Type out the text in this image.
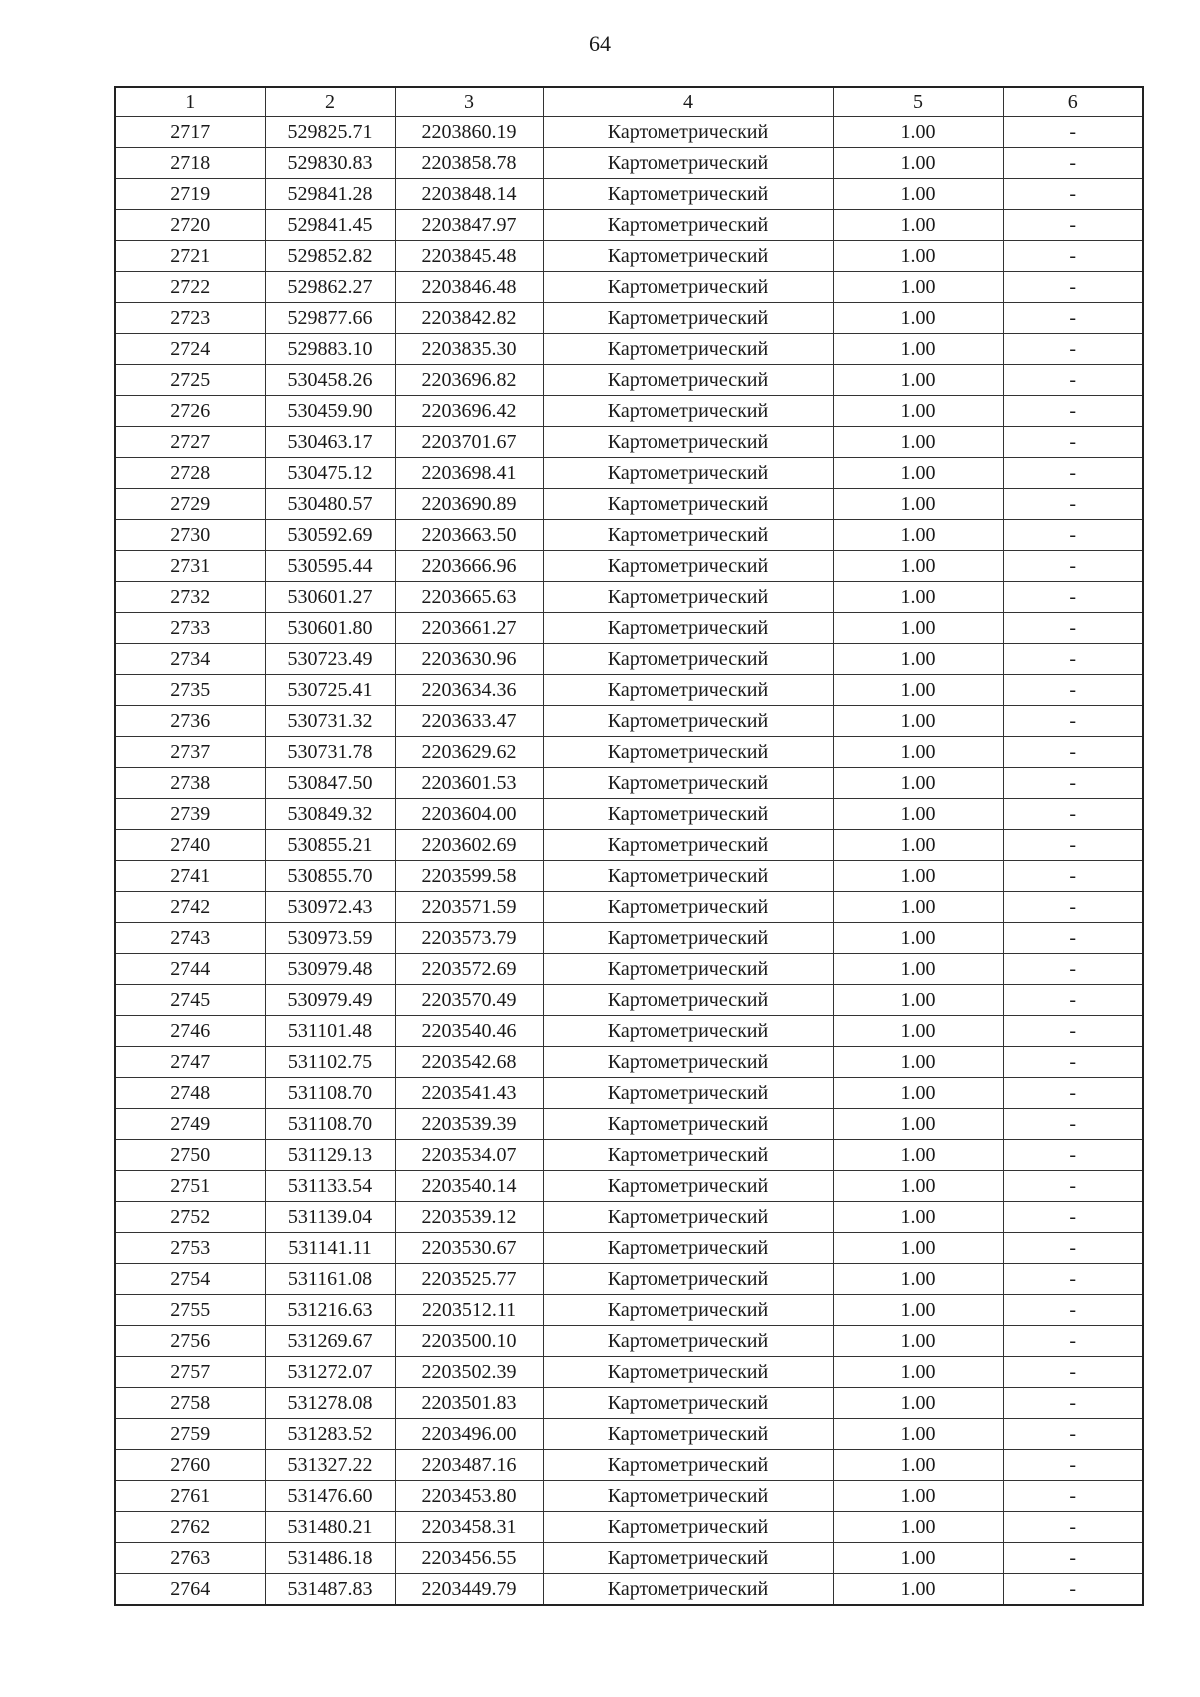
64
1	2	3	4	5	6
2717	529825.71	2203860.19	Картометрический	1.00	-
2718	529830.83	2203858.78	Картометрический	1.00	-
2719	529841.28	2203848.14	Картометрический	1.00	-
2720	529841.45	2203847.97	Картометрический	1.00	-
2721	529852.82	2203845.48	Картометрический	1.00	-
2722	529862.27	2203846.48	Картометрический	1.00	-
2723	529877.66	2203842.82	Картометрический	1.00	-
2724	529883.10	2203835.30	Картометрический	1.00	-
2725	530458.26	2203696.82	Картометрический	1.00	-
2726	530459.90	2203696.42	Картометрический	1.00	-
2727	530463.17	2203701.67	Картометрический	1.00	-
2728	530475.12	2203698.41	Картометрический	1.00	-
2729	530480.57	2203690.89	Картометрический	1.00	-
2730	530592.69	2203663.50	Картометрический	1.00	-
2731	530595.44	2203666.96	Картометрический	1.00	-
2732	530601.27	2203665.63	Картометрический	1.00	-
2733	530601.80	2203661.27	Картометрический	1.00	-
2734	530723.49	2203630.96	Картометрический	1.00	-
2735	530725.41	2203634.36	Картометрический	1.00	-
2736	530731.32	2203633.47	Картометрический	1.00	-
2737	530731.78	2203629.62	Картометрический	1.00	-
2738	530847.50	2203601.53	Картометрический	1.00	-
2739	530849.32	2203604.00	Картометрический	1.00	-
2740	530855.21	2203602.69	Картометрический	1.00	-
2741	530855.70	2203599.58	Картометрический	1.00	-
2742	530972.43	2203571.59	Картометрический	1.00	-
2743	530973.59	2203573.79	Картометрический	1.00	-
2744	530979.48	2203572.69	Картометрический	1.00	-
2745	530979.49	2203570.49	Картометрический	1.00	-
2746	531101.48	2203540.46	Картометрический	1.00	-
2747	531102.75	2203542.68	Картометрический	1.00	-
2748	531108.70	2203541.43	Картометрический	1.00	-
2749	531108.70	2203539.39	Картометрический	1.00	-
2750	531129.13	2203534.07	Картометрический	1.00	-
2751	531133.54	2203540.14	Картометрический	1.00	-
2752	531139.04	2203539.12	Картометрический	1.00	-
2753	531141.11	2203530.67	Картометрический	1.00	-
2754	531161.08	2203525.77	Картометрический	1.00	-
2755	531216.63	2203512.11	Картометрический	1.00	-
2756	531269.67	2203500.10	Картометрический	1.00	-
2757	531272.07	2203502.39	Картометрический	1.00	-
2758	531278.08	2203501.83	Картометрический	1.00	-
2759	531283.52	2203496.00	Картометрический	1.00	-
2760	531327.22	2203487.16	Картометрический	1.00	-
2761	531476.60	2203453.80	Картометрический	1.00	-
2762	531480.21	2203458.31	Картометрический	1.00	-
2763	531486.18	2203456.55	Картометрический	1.00	-
2764	531487.83	2203449.79	Картометрический	1.00	-
